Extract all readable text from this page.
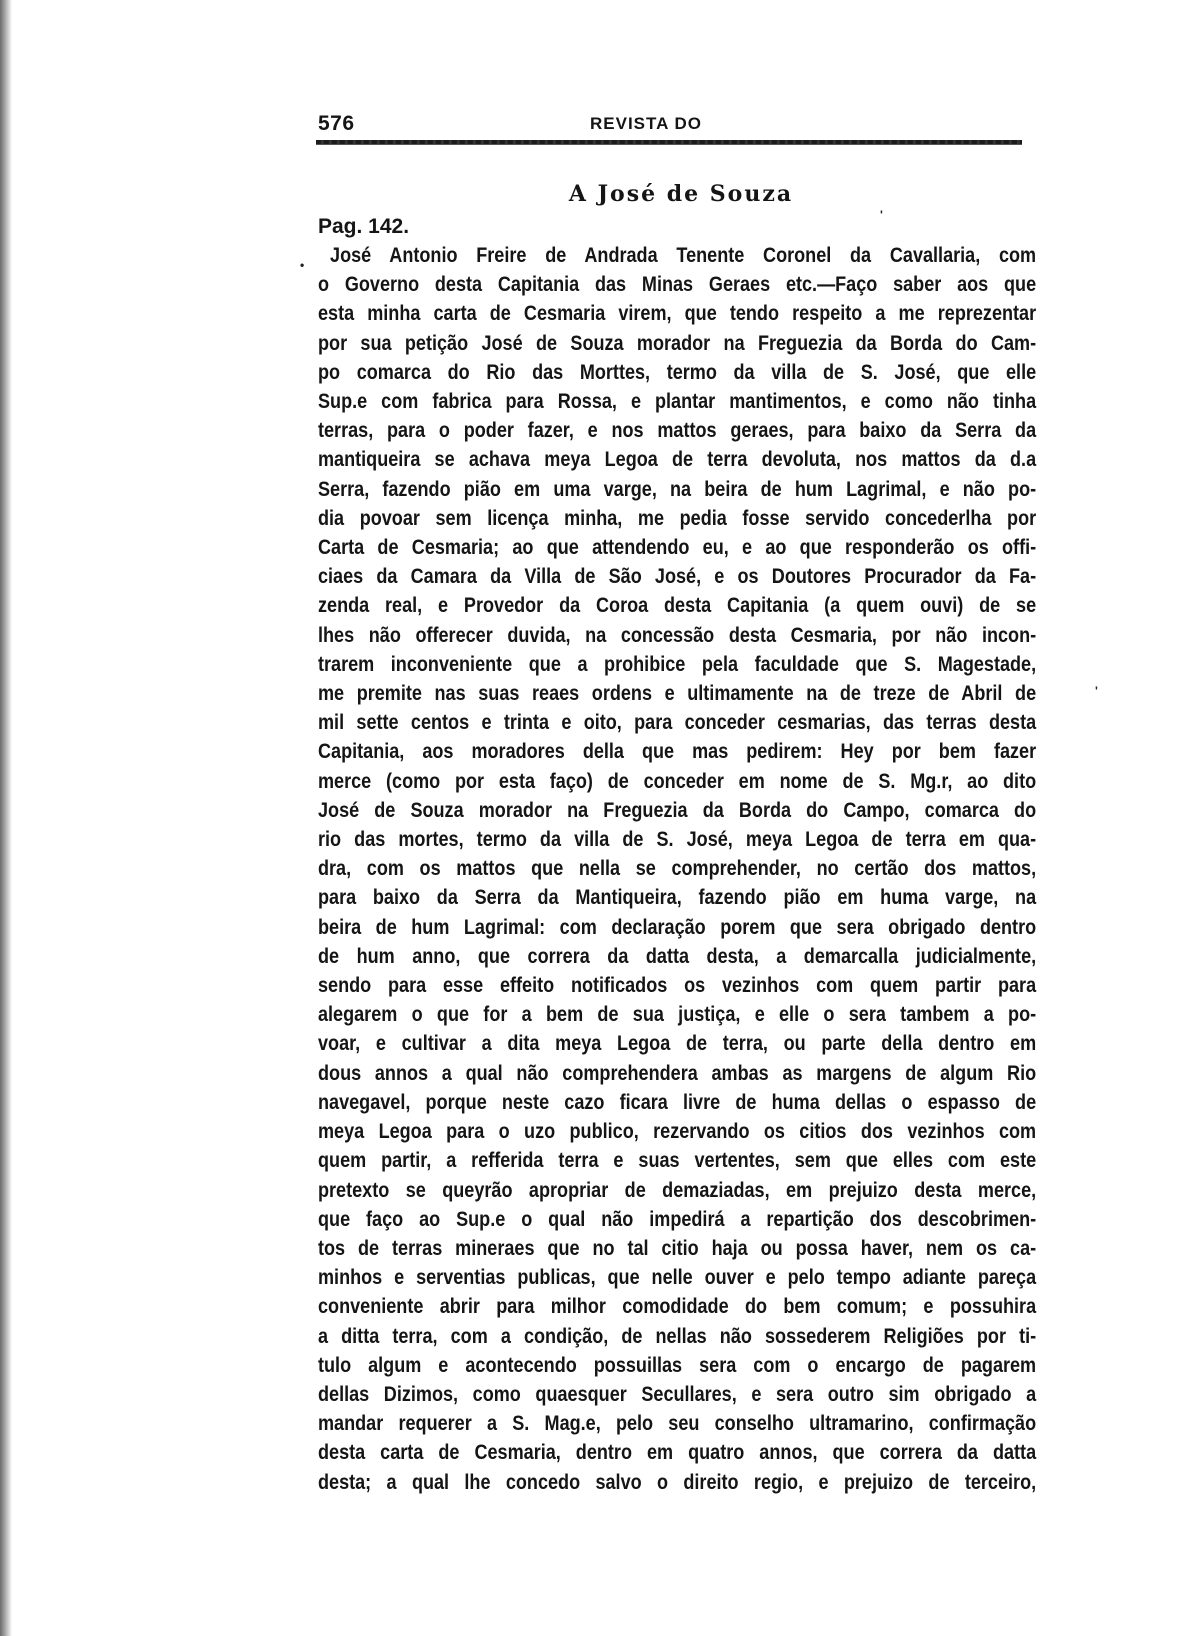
576	REVISTA DO
A José de Souza
Pag. 142.
José Antonio Freire de Andrada Tenente Coronel da Cavallaria, com
o Governo desta Capitania das Minas Geraes etc.—Faço saber aos que
esta minha carta de Cesmaria virem, que tendo respeito a me reprezentar
por sua petição José de Souza morador na Freguezia da Borda do Cam-
po comarca do Rio das Morttes, termo da villa de S. José, que elle
Sup.e com fabrica para Rossa, e plantar mantimentos, e como não tinha
terras, para o poder fazer, e nos mattos geraes, para baixo da Serra da
mantiqueira se achava meya Legoa de terra devoluta, nos mattos da d.a
Serra, fazendo pião em uma varge, na beira de hum Lagrimal, e não po-
dia povoar sem licença minha, me pedia fosse servido concederlha por
Carta de Cesmaria; ao que attendendo eu, e ao que responderão os offi-
ciaes da Camara da Villa de São José, e os Doutores Procurador da Fa-
zenda real, e Provedor da Coroa desta Capitania (a quem ouvi) de se
lhes não offerecer duvida, na concessão desta Cesmaria, por não incon-
trarem inconveniente que a prohibice pela faculdade que S. Magestade,
me premite nas suas reaes ordens e ultimamente na de treze de Abril de
mil sette centos e trinta e oito, para conceder cesmarias, das terras desta
Capitania, aos moradores della que mas pedirem: Hey por bem fazer
merce (como por esta faço) de conceder em nome de S. Mg.r, ao dito
José de Souza morador na Freguezia da Borda do Campo, comarca do
rio das mortes, termo da villa de S. José, meya Legoa de terra em qua-
dra, com os mattos que nella se comprehender, no certão dos mattos,
para baixo da Serra da Mantiqueira, fazendo pião em huma varge, na
beira de hum Lagrimal: com declaração porem que sera obrigado dentro
de hum anno, que correra da datta desta, a demarcalla judicialmente,
sendo para esse effeito notificados os vezinhos com quem partir para
alegarem o que for a bem de sua justiça, e elle o sera tambem a po-
voar, e cultivar a dita meya Legoa de terra, ou parte della dentro em
dous annos a qual não comprehendera ambas as margens de algum Rio
navegavel, porque neste cazo ficara livre de huma dellas o espasso de
meya Legoa para o uzo publico, rezervando os citios dos vezinhos com
quem partir, a refferida terra e suas vertentes, sem que elles com este
pretexto se queyrão apropriar de demaziadas, em prejuizo desta merce,
que faço ao Sup.e o qual não impedirá a repartição dos descobrimen-
tos de terras mineraes que no tal citio haja ou possa haver, nem os ca-
minhos e serventias publicas, que nelle ouver e pelo tempo adiante pareça
conveniente abrir para milhor comodidade do bem comum; e possuhira
a ditta terra, com a condição, de nellas não sossederem Religiões por ti-
tulo algum e acontecendo possuillas sera com o encargo de pagarem
dellas Dizimos, como quaesquer Secullares, e sera outro sim obrigado a
mandar requerer a S. Mag.e, pelo seu conselho ultramarino, confirmação
desta carta de Cesmaria, dentro em quatro annos, que correra da datta
desta; a qual lhe concedo salvo o direito regio, e prejuizo de terceiro,
•
'
'
